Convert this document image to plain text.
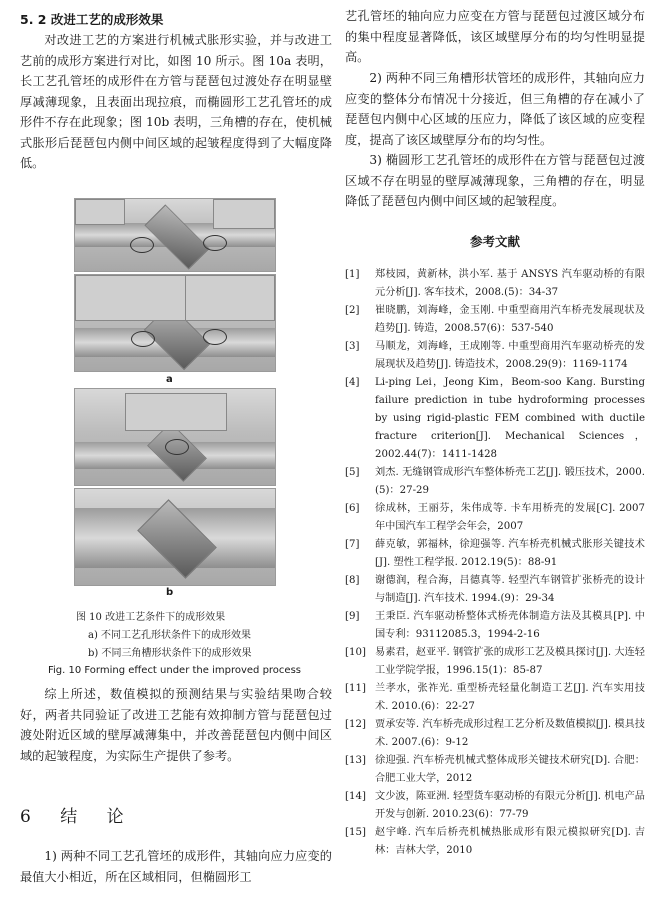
5. 2 改进工艺的成形效果

对改进工艺的方案进行机械式胀形实验，并与改进工艺前的成形方案进行对比，如图 10 所示。图 10a 表明，长工艺孔管坯的成形件在方管与琵琶包过渡处存在明显壁厚减薄现象，且表面出现拉痕，而椭圆形工艺孔管坯的成形件不存在此现象；图 10b 表明，三角槽的存在，使机械式胀形后琵琶包内侧中间区域的起皱程度得到了大幅度降低。

a
b
图 10 改进工艺条件下的成形效果
a) 不同工艺孔形状条件下的成形效果
b) 不同三角槽形状条件下的成形效果
Fig. 10 Forming effect under the improved process

综上所述，数值模拟的预测结果与实验结果吻合较好，两者共同验证了改进工艺能有效抑制方管与琵琶包过渡处附近区域的壁厚减薄集中，并改善琵琶包内侧中间区域的起皱程度，为实际生产提供了参考。

6 结 论

1) 两种不同工艺孔管坯的成形件，其轴向应力应变的最值大小相近，所在区域相同，但椭圆形工

艺孔管坯的轴向应力应变在方管与琵琶包过渡区域分布的集中程度显著降低，该区域壁厚分布的均匀性明显提高。

2) 两种不同三角槽形状管坯的成形件，其轴向应力应变的整体分布情况十分接近，但三角槽的存在减小了琵琶包内侧中心区域的压应力，降低了该区域的应变程度，提高了该区域壁厚分布的均匀性。

3) 椭圆形工艺孔管坯的成形件在方管与琵琶包过渡区域不存在明显的壁厚减薄现象，三角槽的存在，明显降低了琵琶包内侧中间区域的起皱程度。

参考文献
[1] 郑枝园，黄新林，洪小军. 基于 ANSYS 汽车驱动桥的有限元分析[J]. 客车技术，2008.(5)：34-37
[2] 崔晓鹏，刘海峰，金玉刚. 中重型商用汽车桥壳发展现状及趋势[J]. 铸造，2008.57(6)：537-540
[3] 马顺龙，刘海峰，王成刚等. 中重型商用汽车驱动桥壳的发展现状及趋势[J]. 铸造技术，2008.29(9)：1169-1174
[4] Li-ping Lei，Jeong Kim，Beom-soo Kang. Bursting failure prediction in tube hydroforming processes by using rigid-plastic FEM combined with ductile fracture criterion[J]. Mechanical Sciences，2002.44(7)：1411-1428
[5] 刘杰. 无缝钢管成形汽车整体桥壳工艺[J]. 锻压技术，2000.(5)：27-29
[6] 徐成林，王丽芬，朱伟成等. 卡车用桥壳的发展[C]. 2007 年中国汽车工程学会年会，2007
[7] 薛克敏，郭福林，徐迎强等. 汽车桥壳机械式胀形关键技术[J]. 塑性工程学报. 2012.19(5)：88-91
[8] 谢德润，程合海，吕德真等. 轻型汽车钢管扩张桥壳的设计与制造[J]. 汽车技术. 1994.(9)：29-34
[9] 王秉臣. 汽车驱动桥整体式桥壳体制造方法及其模具[P]. 中国专利：93112085.3，1994-2-16
[10] 易素君，赵亚平. 钢管扩张的成形工艺及模具探讨[J]. 大连轻工业学院学报，1996.15(1)：85-87
[11] 兰孝水，张祚光. 重型桥壳轻量化制造工艺[J]. 汽车实用技术. 2010.(6)：22-27
[12] 贾承安等. 汽车桥壳成形过程工艺分析及数值模拟[J]. 模具技术. 2007.(6)：9-12
[13] 徐迎强. 汽车桥壳机械式整体成形关键技术研究[D]. 合肥：合肥工业大学，2012
[14] 文少波，陈亚洲. 轻型货车驱动桥的有限元分析[J]. 机电产品开发与创新. 2010.23(6)：77-79
[15] 赵宇峰. 汽车后桥壳机械热胀成形有限元模拟研究[D]. 吉林：吉林大学，2010
